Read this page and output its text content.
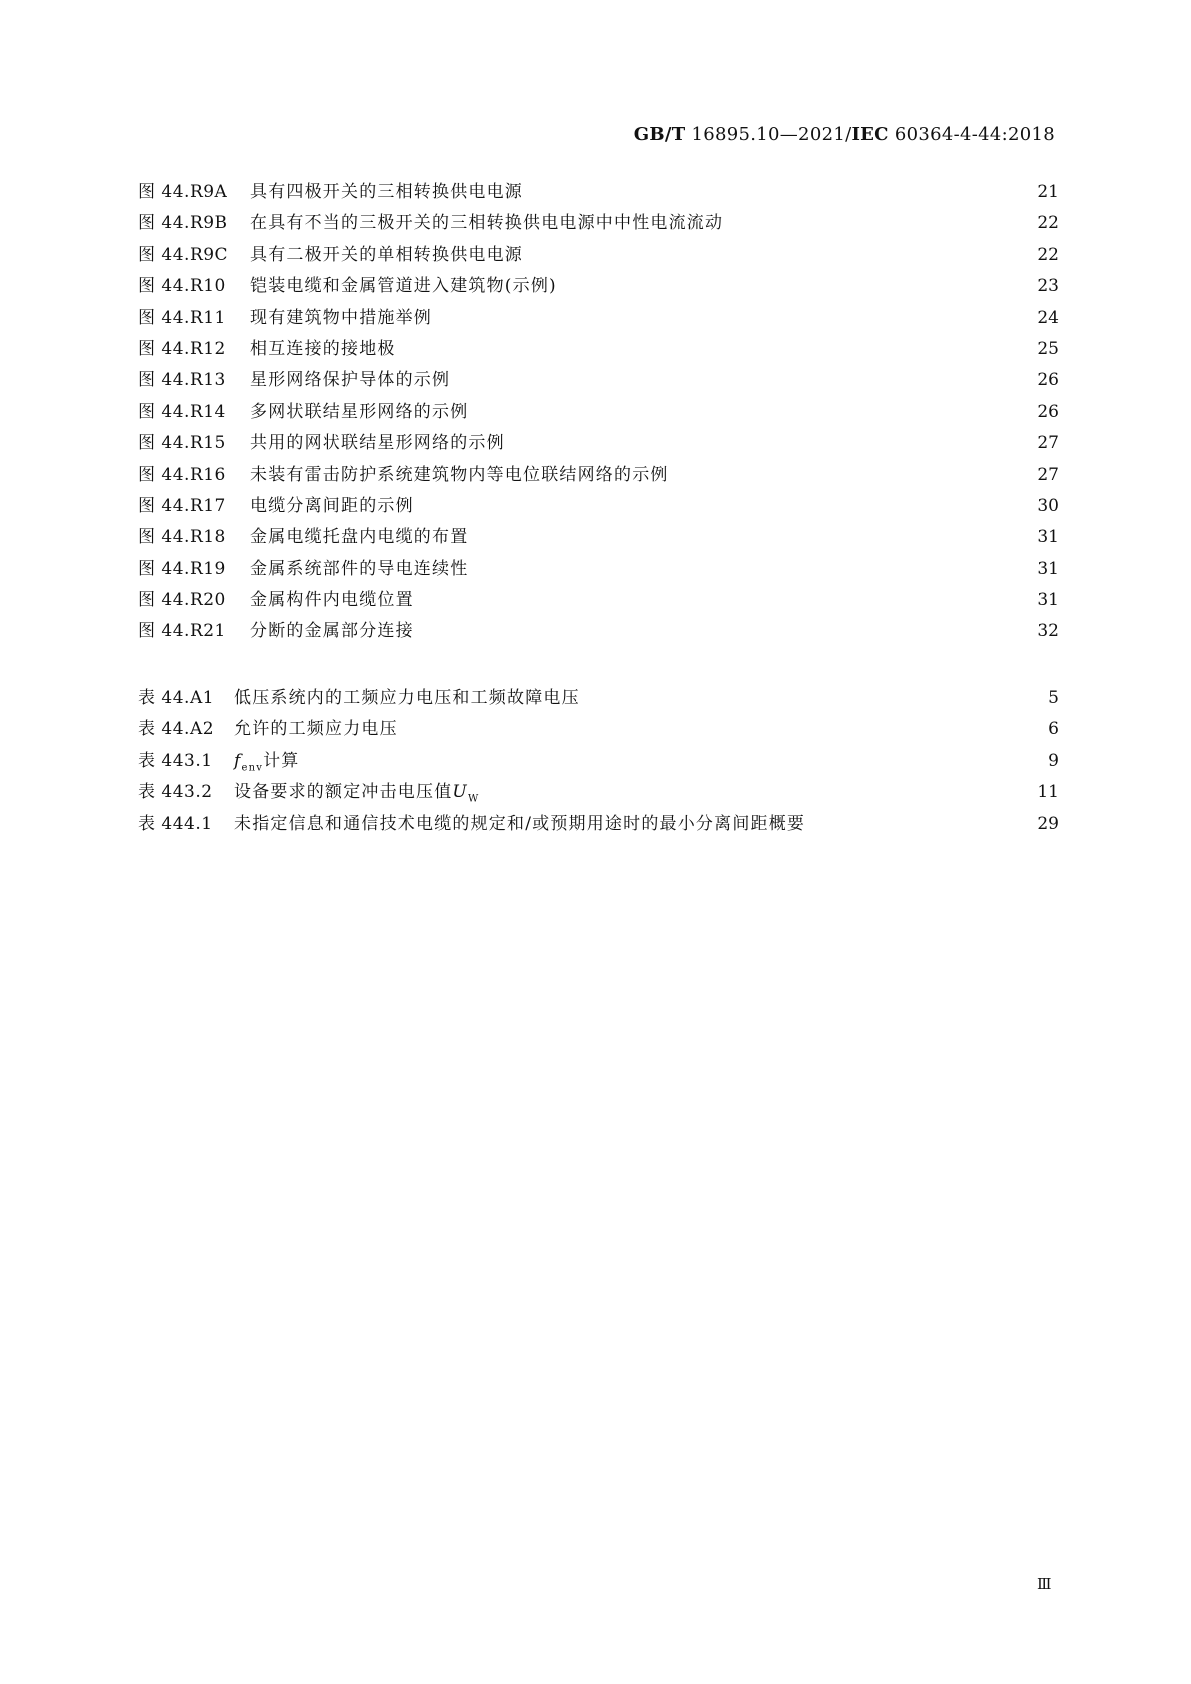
GB/T 16895.10—2021/IEC 60364-4-44:2018
图 44.R9A	具有四极开关的三相转换供电电源	21
图 44.R9B	在具有不当的三极开关的三相转换供电电源中中性电流流动	22
图 44.R9C	具有二极开关的单相转换供电电源	22
图 44.R10	铠装电缆和金属管道进入建筑物(示例)	23
图 44.R11	现有建筑物中措施举例	24
图 44.R12	相互连接的接地极	25
图 44.R13	星形网络保护导体的示例	26
图 44.R14	多网状联结星形网络的示例	26
图 44.R15	共用的网状联结星形网络的示例	27
图 44.R16	未装有雷击防护系统建筑物内等电位联结网络的示例	27
图 44.R17	电缆分离间距的示例	30
图 44.R18	金属电缆托盘内电缆的布置	31
图 44.R19	金属系统部件的导电连续性	31
图 44.R20	金属构件内电缆位置	31
图 44.R21	分断的金属部分连接	32
表 44.A1	低压系统内的工频应力电压和工频故障电压	5
表 44.A2	允许的工频应力电压	6
表 443.1	$f_{env}$计算	9
表 443.2	设备要求的额定冲击电压值$U_W$	11
表 444.1	未指定信息和通信技术电缆的规定和/或预期用途时的最小分离间距概要	29
Ⅲ
